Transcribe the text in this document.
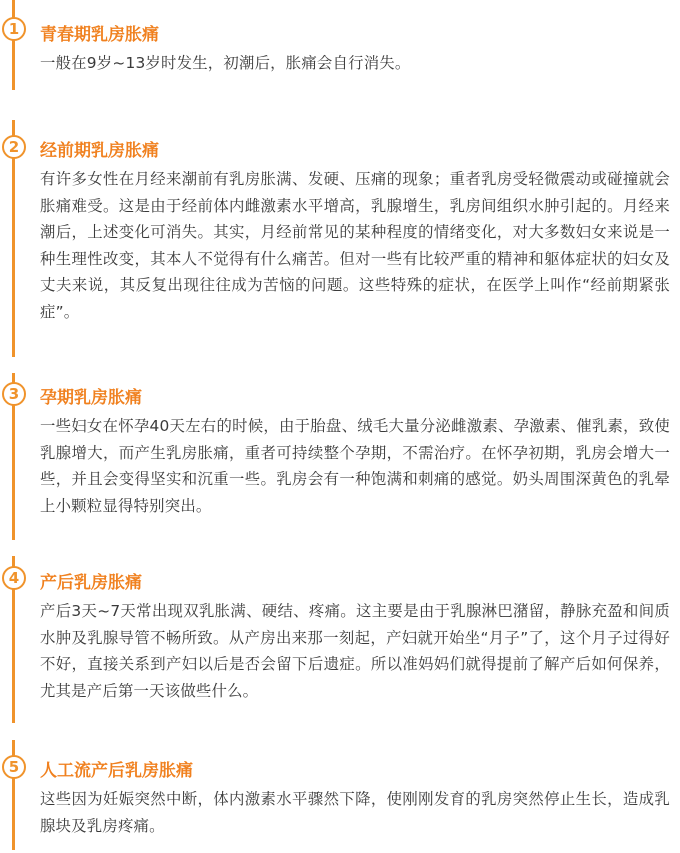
1	青春期乳房胀痛
一般在9岁~13岁时发生，初潮后，胀痛会自行消失。
2	经前期乳房胀痛
有许多女性在月经来潮前有乳房胀满、发硬、压痛的现象；重者乳房受轻微震动或碰撞就会胀痛难受。这是由于经前体内雌激素水平增高，乳腺增生，乳房间组织水肿引起的。月经来潮后，上述变化可消失。其实，月经前常见的某种程度的情绪变化，对大多数妇女来说是一种生理性改变，其本人不觉得有什么痛苦。但对一些有比较严重的精神和躯体症状的妇女及丈夫来说，其反复出现往往成为苦恼的问题。这些特殊的症状，在医学上叫作“经前期紧张症”。
3	孕期乳房胀痛
一些妇女在怀孕40天左右的时候，由于胎盘、绒毛大量分泌雌激素、孕激素、催乳素，致使乳腺增大，而产生乳房胀痛，重者可持续整个孕期，不需治疗。在怀孕初期，乳房会增大一些，并且会变得坚实和沉重一些。乳房会有一种饱满和刺痛的感觉。奶头周围深黄色的乳晕上小颗粒显得特别突出。
4	产后乳房胀痛
产后3天~7天常出现双乳胀满、硬结、疼痛。这主要是由于乳腺淋巴潴留，静脉充盈和间质水肿及乳腺导管不畅所致。从产房出来那一刻起，产妇就开始坐“月子”了，这个月子过得好不好，直接关系到产妇以后是否会留下后遗症。所以准妈妈们就得提前了解产后如何保养，尤其是产后第一天该做些什么。
5	人工流产后乳房胀痛
这些因为妊娠突然中断，体内激素水平骤然下降，使刚刚发育的乳房突然停止生长，造成乳腺块及乳房疼痛。
